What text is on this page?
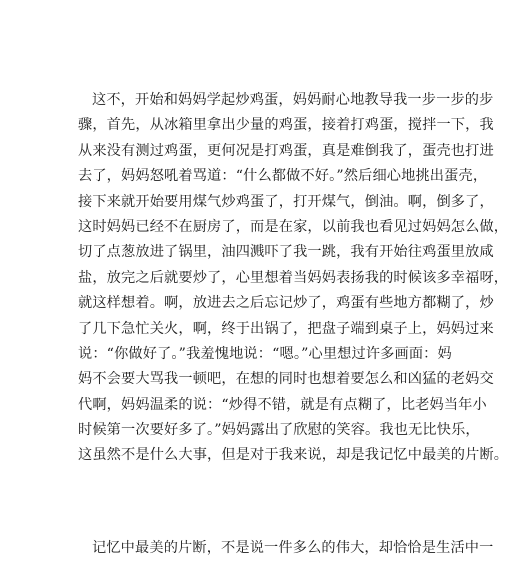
这不，开始和妈妈学起炒鸡蛋，妈妈耐心地教导我一步一步的步
骤，首先，从冰箱里拿出少量的鸡蛋，接着打鸡蛋，搅拌一下，我
从来没有测过鸡蛋，更何况是打鸡蛋，真是难倒我了，蛋壳也打进
去了，妈妈怒吼着骂道：“什么都做不好。”然后细心地挑出蛋壳，
接下来就开始要用煤气炒鸡蛋了，打开煤气，倒油。啊，倒多了，
这时妈妈已经不在厨房了，而是在家，以前我也看见过妈妈怎么做，
切了点葱放进了锅里，油四溅吓了我一跳，我有开始往鸡蛋里放咸
盐，放完之后就要炒了，心里想着当妈妈表扬我的时候该多幸福呀，
就这样想着。啊，放进去之后忘记炒了，鸡蛋有些地方都糊了，炒
了几下急忙关火，啊，终于出锅了，把盘子端到桌子上，妈妈过来
说：“你做好了。”我羞愧地说：“嗯。”心里想过许多画面：妈
妈不会要大骂我一顿吧，在想的同时也想着要怎么和凶猛的老妈交
代啊，妈妈温柔的说：“炒得不错，就是有点糊了，比老妈当年小
时候第一次要好多了。”妈妈露出了欣慰的笑容。我也无比快乐，
这虽然不是什么大事，但是对于我来说，却是我记忆中最美的片断。
记忆中最美的片断，不是说一件多么的伟大，却恰恰是生活中一
